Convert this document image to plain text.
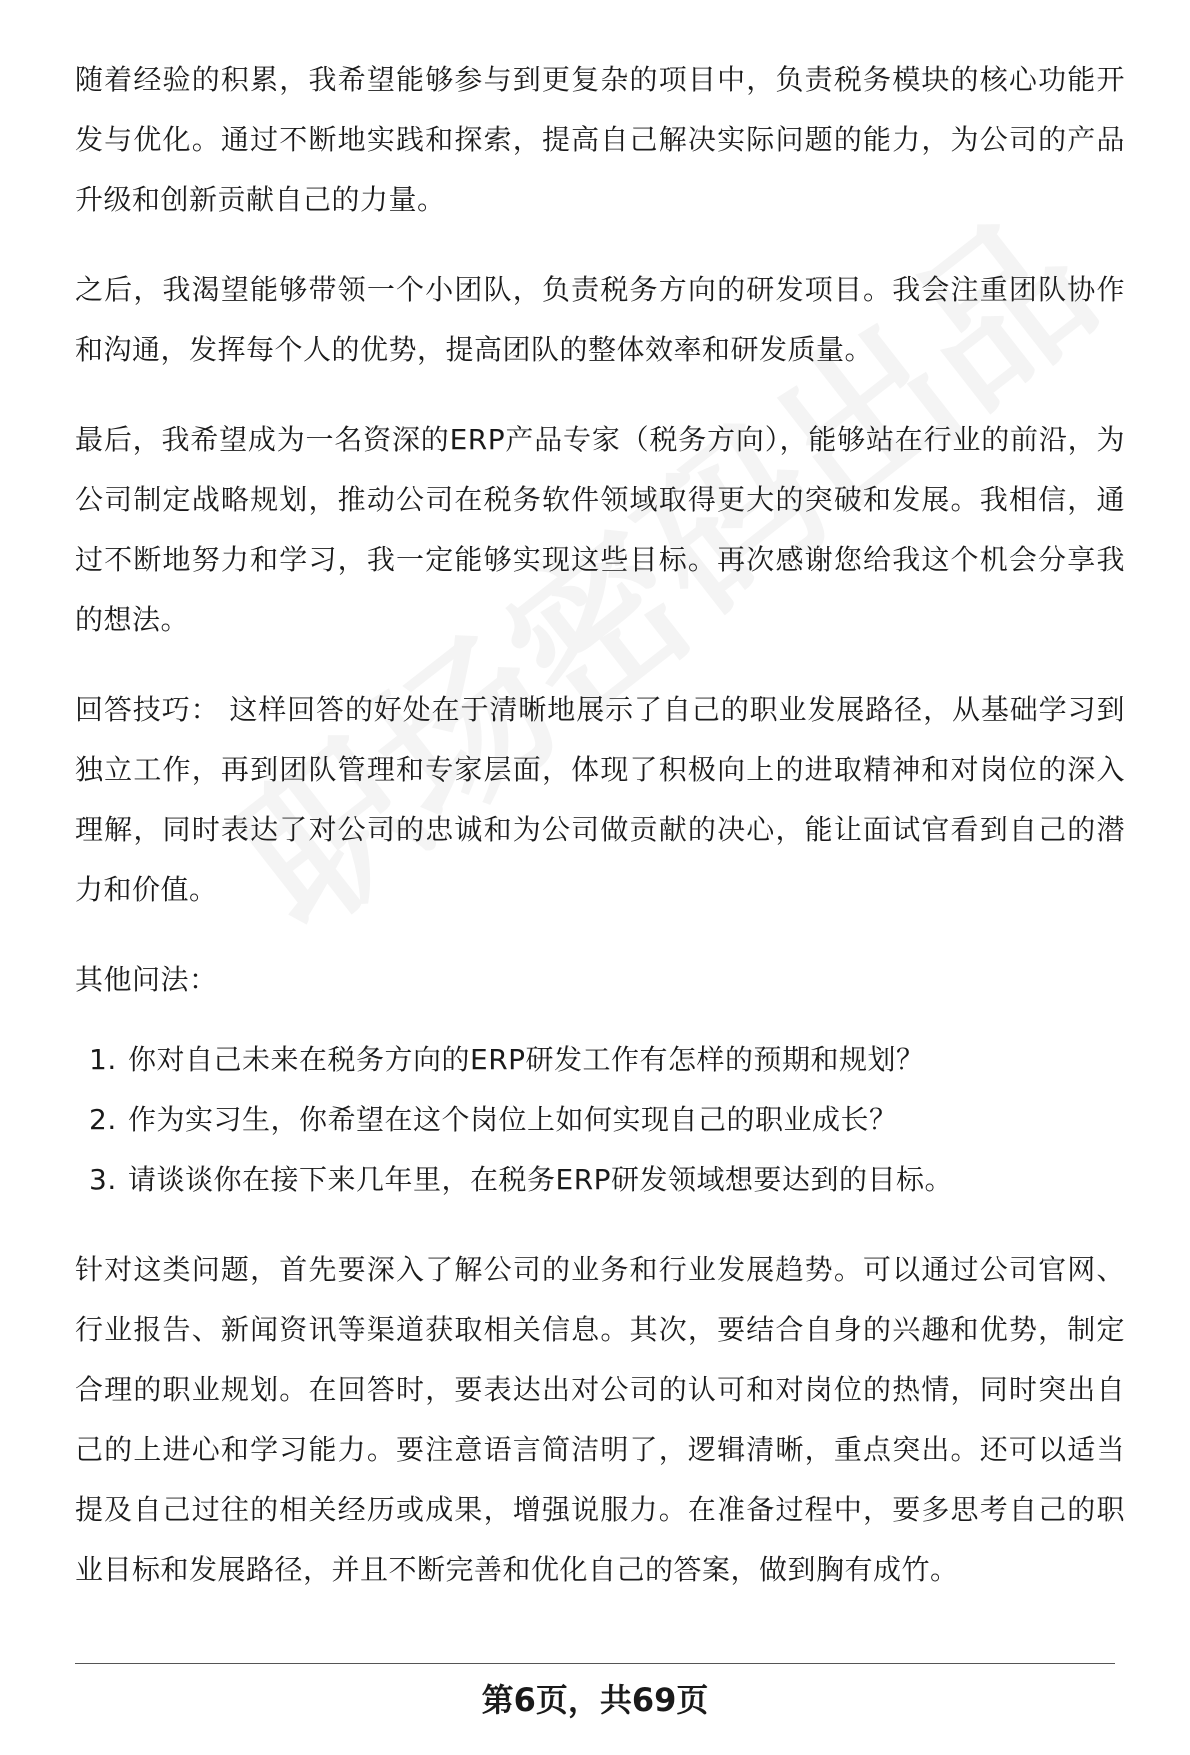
随着经验的积累，我希望能够参与到更复杂的项目中，负责税务模块的核心功能开发与优化。通过不断地实践和探索，提高自己解决实际问题的能力，为公司的产品升级和创新贡献自己的力量。

之后，我渴望能够带领一个小团队，负责税务方向的研发项目。我会注重团队协作和沟通，发挥每个人的优势，提高团队的整体效率和研发质量。

最后，我希望成为一名资深的ERP产品专家（税务方向），能够站在行业的前沿，为公司制定战略规划，推动公司在税务软件领域取得更大的突破和发展。我相信，通过不断地努力和学习，我一定能够实现这些目标。再次感谢您给我这个机会分享我的想法。

回答技巧： 这样回答的好处在于清晰地展示了自己的职业发展路径，从基础学习到独立工作，再到团队管理和专家层面，体现了积极向上的进取精神和对岗位的深入理解，同时表达了对公司的忠诚和为公司做贡献的决心，能让面试官看到自己的潜力和价值。

其他问法：

1. 你对自己未来在税务方向的ERP研发工作有怎样的预期和规划？
2. 作为实习生，你希望在这个岗位上如何实现自己的职业成长？
3. 请谈谈你在接下来几年里，在税务ERP研发领域想要达到的目标。

针对这类问题，首先要深入了解公司的业务和行业发展趋势。可以通过公司官网、行业报告、新闻资讯等渠道获取相关信息。其次，要结合自身的兴趣和优势，制定合理的职业规划。在回答时，要表达出对公司的认可和对岗位的热情，同时突出自己的上进心和学习能力。要注意语言简洁明了，逻辑清晰，重点突出。还可以适当提及自己过往的相关经历或成果，增强说服力。在准备过程中，要多思考自己的职业目标和发展路径，并且不断完善和优化自己的答案，做到胸有成竹。

第6页，共69页
